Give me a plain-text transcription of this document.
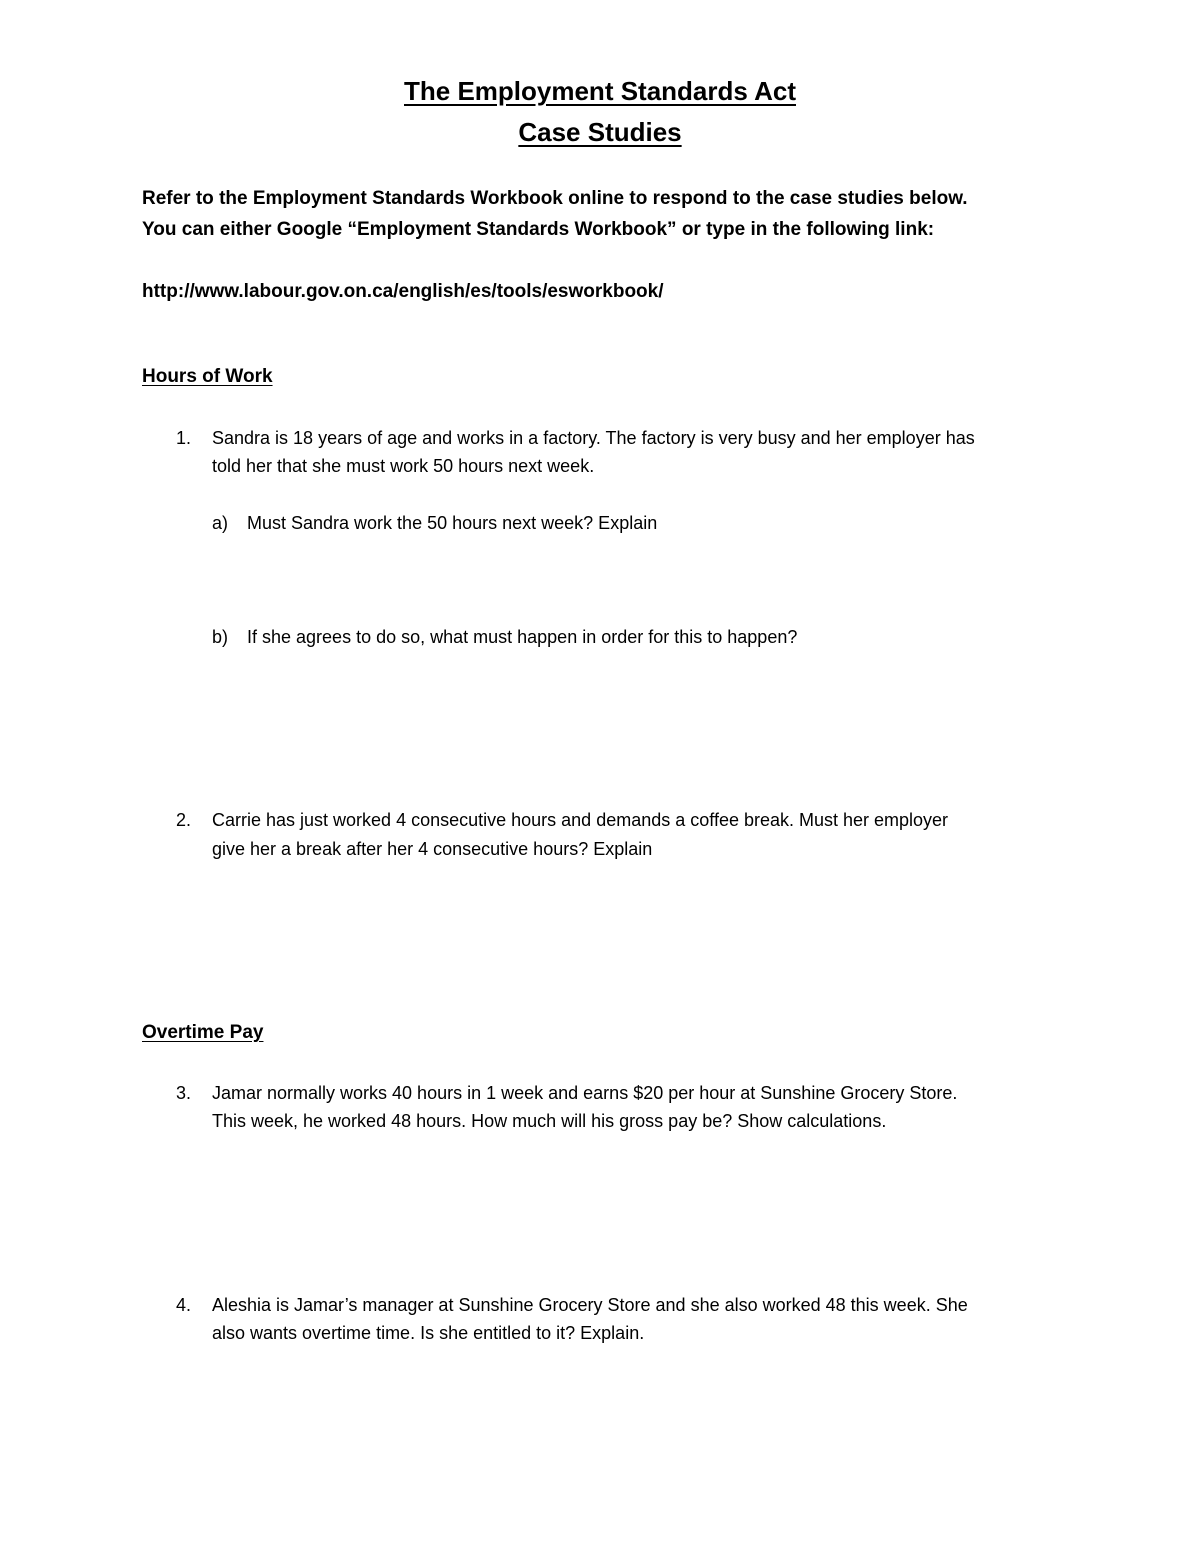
The Employment Standards Act
Case Studies
Refer to the Employment Standards Workbook online to respond to the case studies below.
You can either Google “Employment Standards Workbook” or type in the following link:
http://www.labour.gov.on.ca/english/es/tools/esworkbook/
Hours of Work
1. Sandra is 18 years of age and works in a factory. The factory is very busy and her employer has
told her that she must work 50 hours next week.
a) Must Sandra work the 50 hours next week? Explain
b) If she agrees to do so, what must happen in order for this to happen?
2. Carrie has just worked 4 consecutive hours and demands a coffee break. Must her employer
give her a break after her 4 consecutive hours? Explain
Overtime Pay
3. Jamar normally works 40 hours in 1 week and earns $20 per hour at Sunshine Grocery Store.
This week, he worked 48 hours. How much will his gross pay be? Show calculations.
4. Aleshia is Jamar’s manager at Sunshine Grocery Store and she also worked 48 this week. She
also wants overtime time. Is she entitled to it? Explain.
